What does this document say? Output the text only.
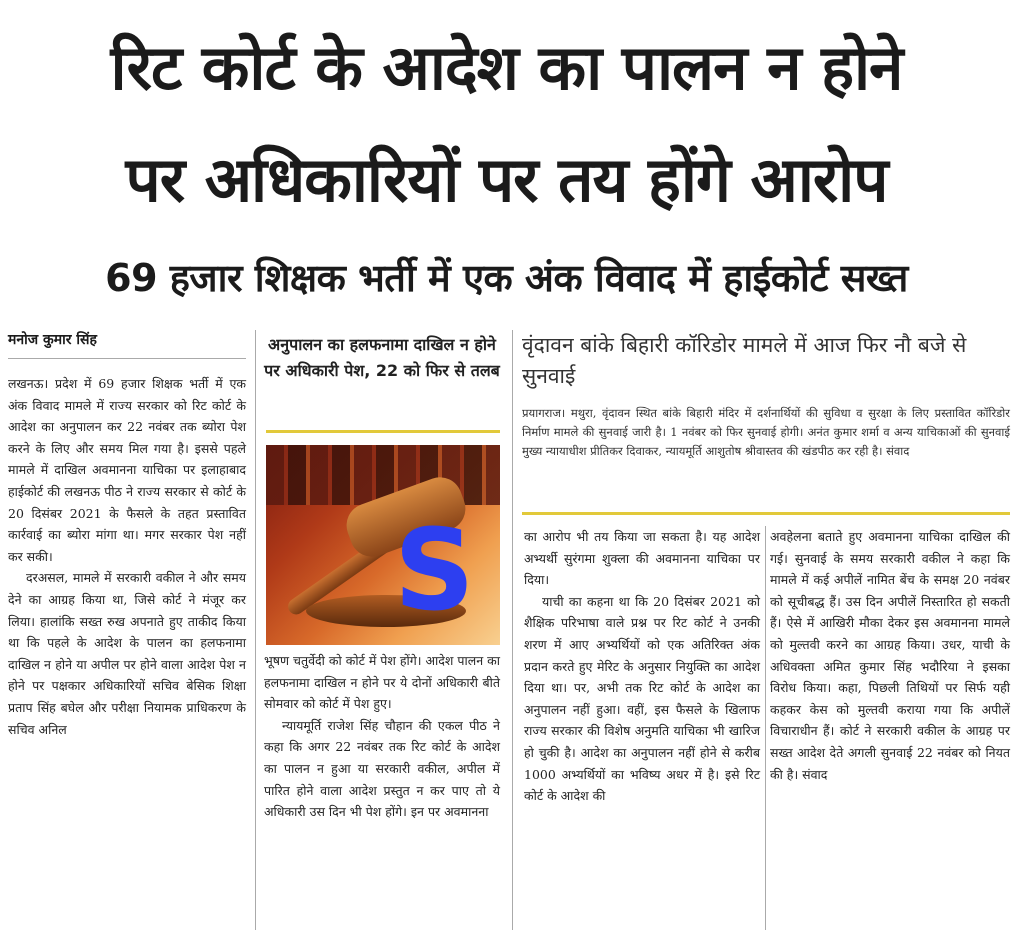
रिट कोर्ट के आदेश का पालन न होने
पर अधिकारियों पर तय होंगे आरोप
69 हजार शिक्षक भर्ती में एक अंक विवाद में हाईकोर्ट सख्त
मनोज कुमार सिंह

लखनऊ। प्रदेश में 69 हजार शिक्षक भर्ती में एक अंक विवाद मामले में राज्य सरकार को रिट कोर्ट के आदेश का अनुपालन कर 22 नवंबर तक ब्योरा पेश करने के लिए और समय मिल गया है। इससे पहले मामले में दाखिल अवमानना याचिका पर इलाहाबाद हाईकोर्ट की लखनऊ पीठ ने राज्य सरकार से कोर्ट के 20 दिसंबर 2021 के फैसले के तहत प्रस्तावित कार्रवाई का ब्योरा मांगा था। मगर सरकार पेश नहीं कर सकी।

दरअसल, मामले में सरकारी वकील ने और समय देने का आग्रह किया था, जिसे कोर्ट ने मंजूर कर लिया। हालांकि सख्त रुख अपनाते हुए ताकीद किया था कि पहले के आदेश के पालन का हलफनामा दाखिल न होने या अपील पर होने वाला आदेश पेश न होने पर पक्षकार अधिकारियों सचिव बेसिक शिक्षा प्रताप सिंह बघेल और परीक्षा नियामक प्राधिकरण के सचिव अनिल

अनुपालन का हलफनामा दाखिल न होने पर अधिकारी पेश, 22 को फिर से तलब
S

भूषण चतुर्वेदी को कोर्ट में पेश होंगे। आदेश पालन का हलफनामा दाखिल न होने पर ये दोनों अधिकारी बीते सोमवार को कोर्ट में पेश हुए।

न्यायमूर्ति राजेश सिंह चौहान की एकल पीठ ने कहा कि अगर 22 नवंबर तक रिट कोर्ट के आदेश का पालन न हुआ या सरकारी वकील, अपील में पारित होने वाला आदेश प्रस्तुत न कर पाए तो ये अधिकारी उस दिन भी पेश होंगे। इन पर अवमानना

वृंदावन बांके बिहारी कॉरिडोर मामले में आज फिर नौ बजे से सुनवाई
प्रयागराज। मथुरा, वृंदावन स्थित बांके बिहारी मंदिर में दर्शनार्थियों की सुविधा व सुरक्षा के लिए प्रस्तावित कॉरिडोर निर्माण मामले की सुनवाई जारी है। 1 नवंबर को फिर सुनवाई होगी। अनंत कुमार शर्मा व अन्य याचिकाओं की सुनवाई मुख्य न्यायाधीश प्रीतिकर दिवाकर, न्यायमूर्ति आशुतोष श्रीवास्तव की खंडपीठ कर रही है। संवाद

का आरोप भी तय किया जा सकता है। यह आदेश अभ्यर्थी सुरंगमा शुक्ला की अवमानना याचिका पर दिया।

याची का कहना था कि 20 दिसंबर 2021 को शैक्षिक परिभाषा वाले प्रश्न पर रिट कोर्ट ने उनकी शरण में आए अभ्यर्थियों को एक अतिरिक्त अंक प्रदान करते हुए मेरिट के अनुसार नियुक्ति का आदेश दिया था। पर, अभी तक रिट कोर्ट के आदेश का अनुपालन नहीं हुआ। वहीं, इस फैसले के खिलाफ राज्य सरकार की विशेष अनुमति याचिका भी खारिज हो चुकी है। आदेश का अनुपालन नहीं होने से करीब 1000 अभ्यर्थियों का भविष्य अधर में है। इसे रिट कोर्ट के आदेश की

अवहेलना बताते हुए अवमानना याचिका दाखिल की गई। सुनवाई के समय सरकारी वकील ने कहा कि मामले में कई अपीलें नामित बेंच के समक्ष 20 नवंबर को सूचीबद्ध हैं। उस दिन अपीलें निस्तारित हो सकती हैं। ऐसे में आखिरी मौका देकर इस अवमानना मामले को मुल्तवी करने का आग्रह किया। उधर, याची के अधिवक्ता अमित कुमार सिंह भदौरिया ने इसका विरोध किया। कहा, पिछली तिथियों पर सिर्फ यही कहकर केस को मुल्तवी कराया गया कि अपीलें विचाराधीन हैं। कोर्ट ने सरकारी वकील के आग्रह पर सख्त आदेश देते अगली सुनवाई 22 नवंबर को नियत की है। संवाद
